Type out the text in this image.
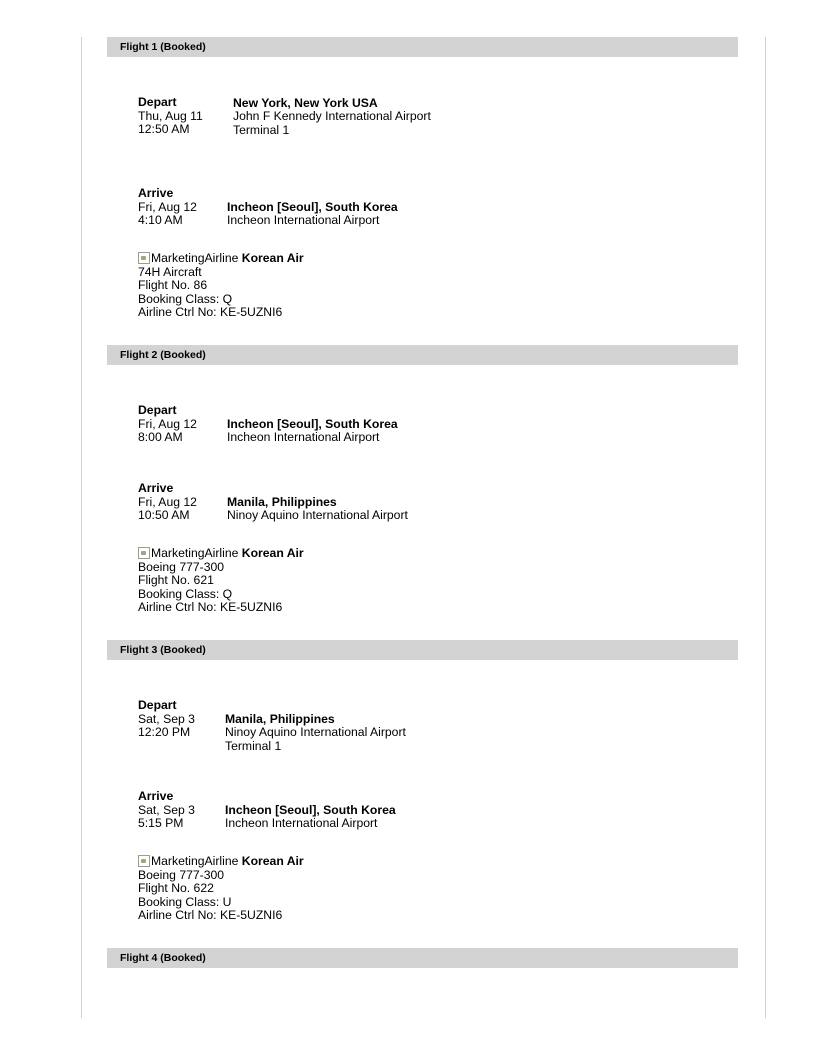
Flight 1 (Booked)
Depart
Thu, Aug 11
12:50 AM
New York, New York USA
John F Kennedy International Airport
Terminal 1
Arrive
Fri, Aug 12
4:10 AM
Incheon [Seoul], South Korea
Incheon International Airport
MarketingAirline Korean Air
74H Aircraft
Flight No. 86
Booking Class: Q
Airline Ctrl No: KE-5UZNI6
Flight 2 (Booked)
Depart
Fri, Aug 12
8:00 AM
Incheon [Seoul], South Korea
Incheon International Airport
Arrive
Fri, Aug 12
10:50 AM
Manila, Philippines
Ninoy Aquino International Airport
MarketingAirline Korean Air
Boeing 777-300
Flight No. 621
Booking Class: Q
Airline Ctrl No: KE-5UZNI6
Flight 3 (Booked)
Depart
Sat, Sep 3
12:20 PM
Manila, Philippines
Ninoy Aquino International Airport
Terminal 1
Arrive
Sat, Sep 3
5:15 PM
Incheon [Seoul], South Korea
Incheon International Airport
MarketingAirline Korean Air
Boeing 777-300
Flight No. 622
Booking Class: U
Airline Ctrl No: KE-5UZNI6
Flight 4 (Booked)
